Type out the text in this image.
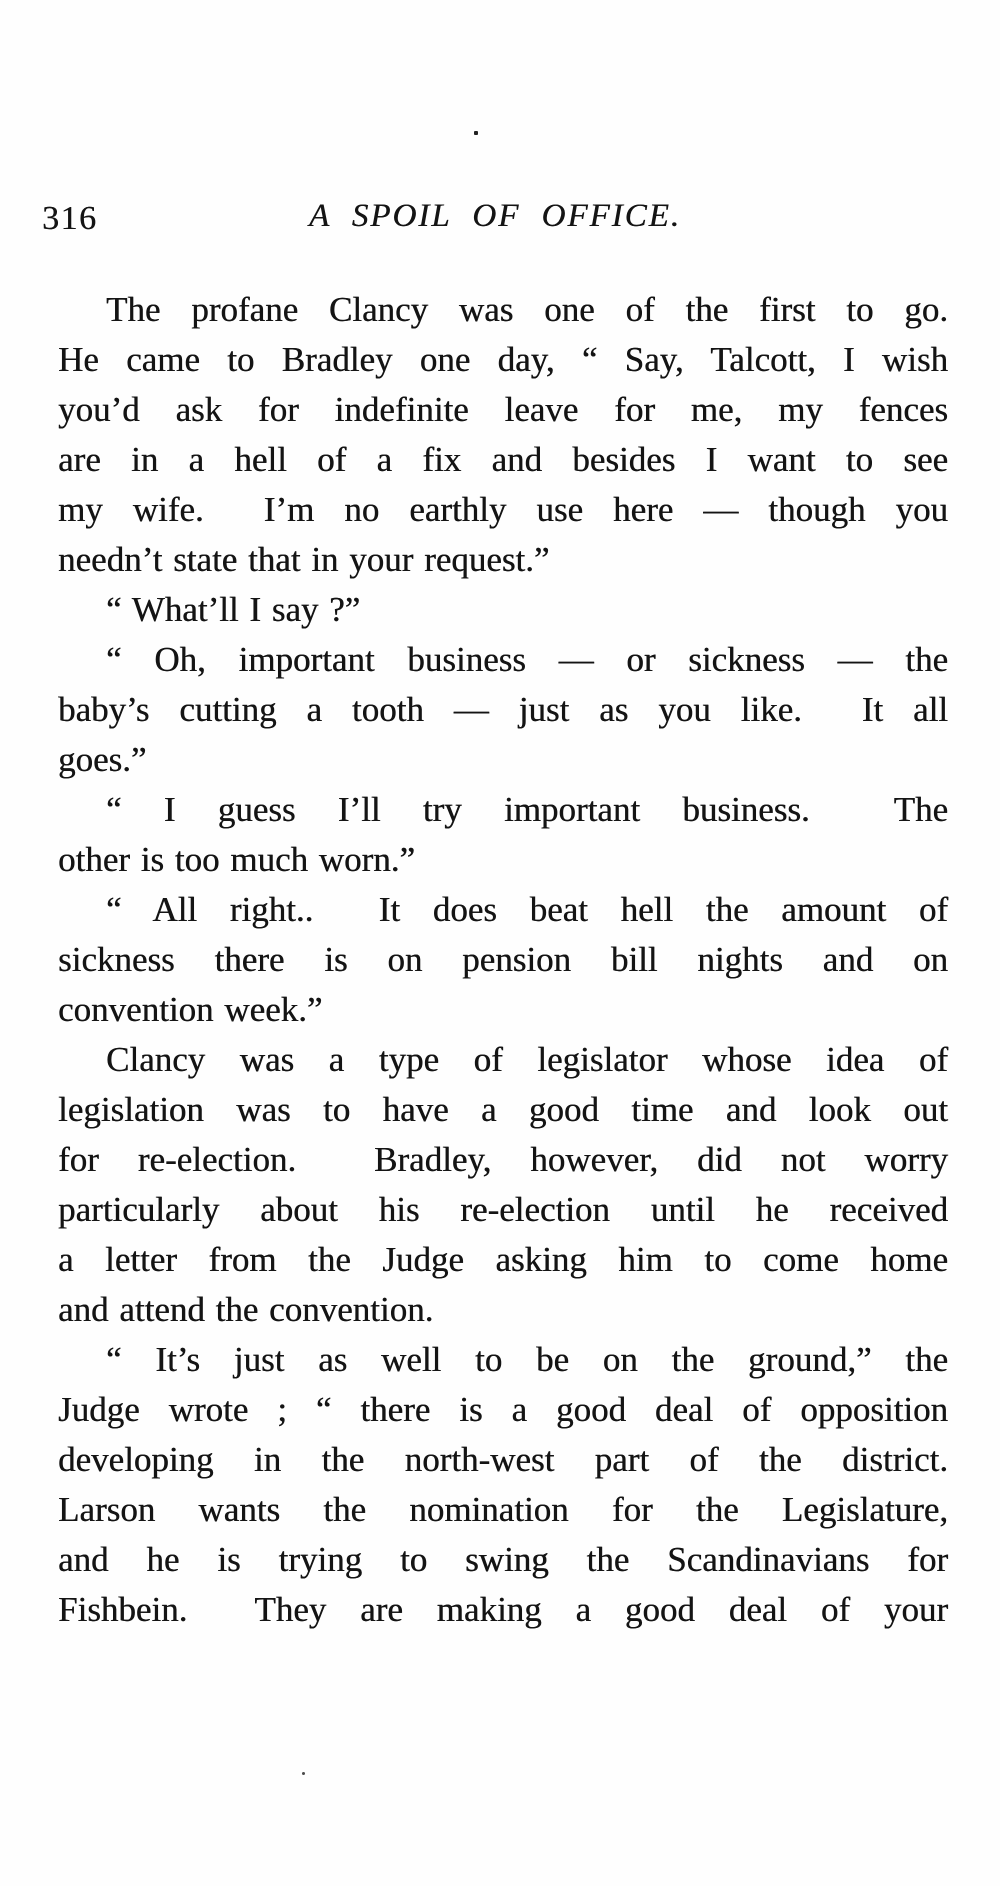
316	A SPOIL OF OFFICE.
The profane Clancy was one of the first to go.
He came to Bradley one day, “ Say, Talcott, I wish
you’d ask for indefinite leave for me, my fences
are in a hell of a fix and besides I want to see
my wife.  I’m no earthly use here — though you
needn’t state that in your request.”
“ What’ll I say ?”
“ Oh, important business — or sickness — the
baby’s cutting a tooth — just as you like.  It all
goes.”
“ I guess I’ll try important business.  The
other is too much worn.”
“ All right..  It does beat hell the amount of
sickness there is on pension bill nights and on
convention week.”
Clancy was a type of legislator whose idea of
legislation was to have a good time and look out
for re-election.  Bradley, however, did not worry
particularly about his re-election until he received
a letter from the Judge asking him to come home
and attend the convention.
“ It’s just as well to be on the ground,” the
Judge wrote ; “ there is a good deal of opposition
developing in the north-west part of the district.
Larson wants the nomination for the Legislature,
and he is trying to swing the Scandinavians for
Fishbein.  They are making a good deal of your
